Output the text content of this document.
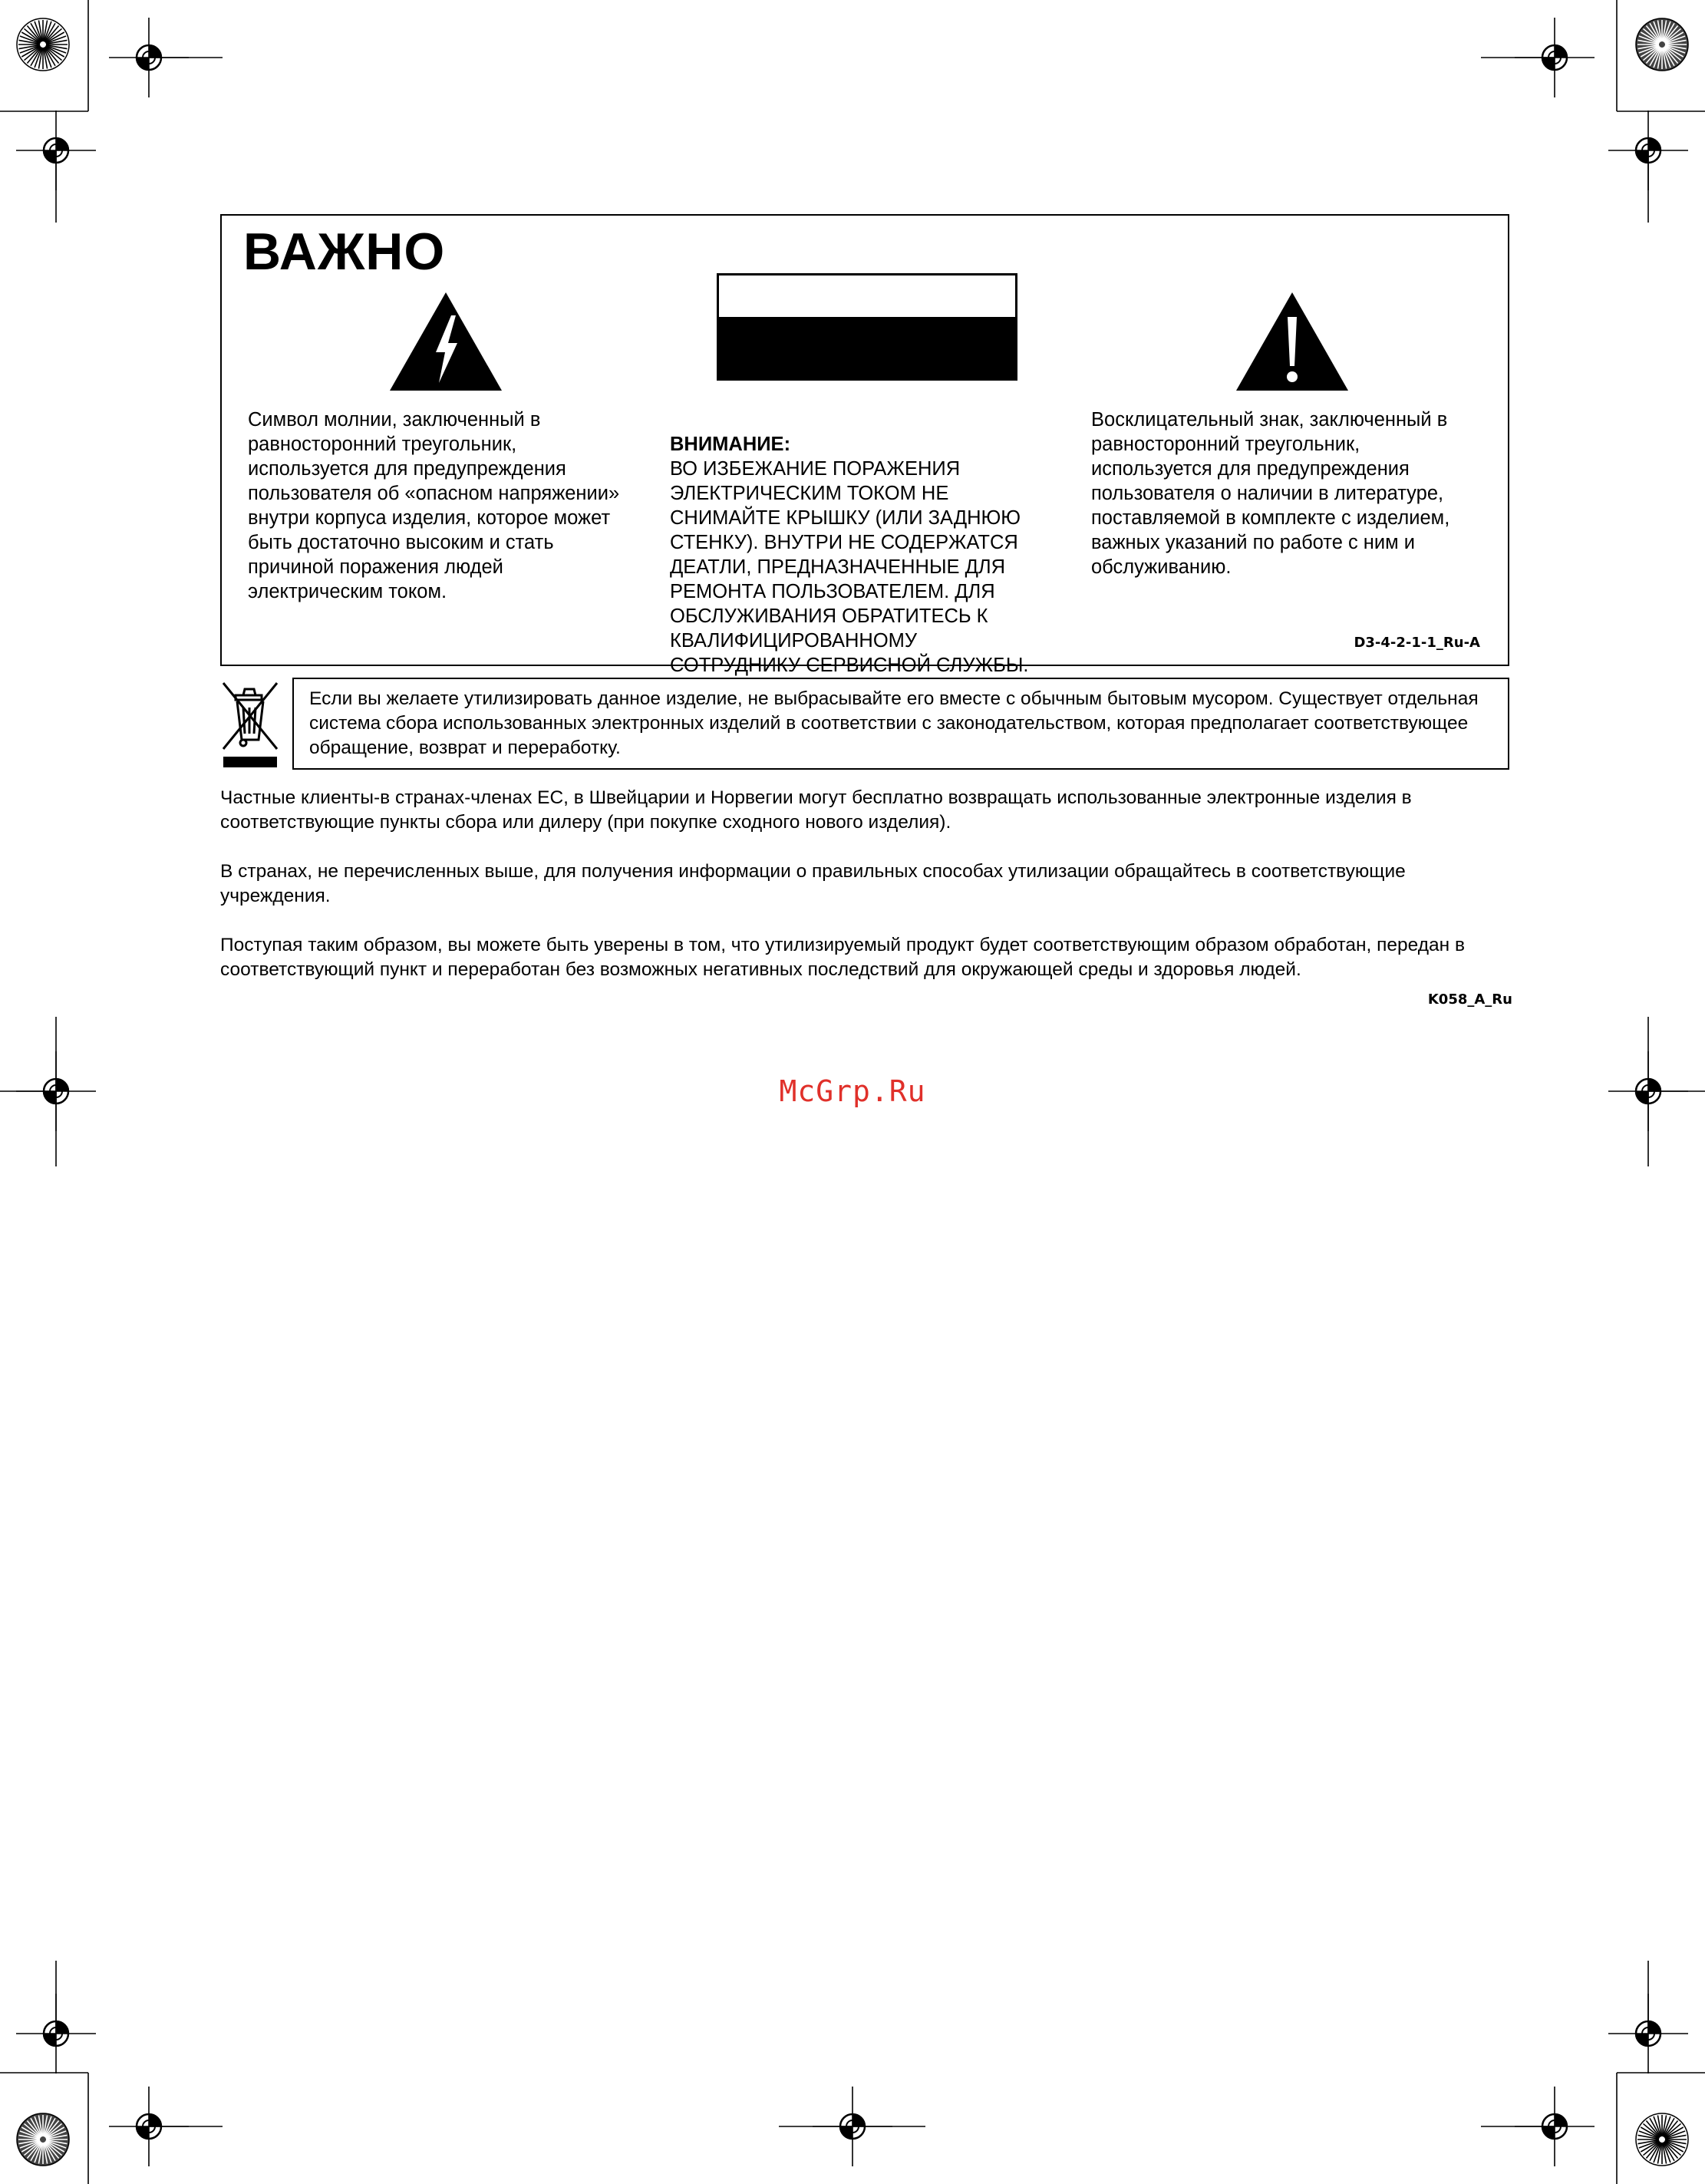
ВАЖНО
Символ молнии, заключенный в
равносторонний треугольник,
используется для предупреждения
пользователя об «опасном напряжении»
внутри корпуса изделия, которое может
быть достаточно высоким и стать
причиной поражения людей
электрическим током.

ВНИМАНИЕ:
ВО ИЗБЕЖАНИЕ ПОРАЖЕНИЯ
ЭЛЕКТРИЧЕСКИМ ТОКОМ НЕ
СНИМАЙТЕ КРЫШКУ (ИЛИ ЗАДНЮЮ
СТЕНКУ). ВНУТРИ НЕ СОДЕРЖАТСЯ
ДЕАТЛИ, ПРЕДНАЗНАЧЕННЫЕ ДЛЯ
РЕМОНТА ПОЛЬЗОВАТЕЛЕМ. ДЛЯ
ОБСЛУЖИВАНИЯ ОБРАТИТЕСЬ К
КВАЛИФИЦИРОВАННОМУ
СОТРУДНИКУ СЕРВИСНОЙ СЛУЖБЫ.

Восклицательный знак, заключенный в
равносторонний треугольник,
используется для предупреждения
пользователя о наличии в литературе,
поставляемой в комплекте с изделием,
важных указаний по работе с ним и
обслуживанию.
D3-4-2-1-1_Ru-A
Если вы желаете утилизировать данное изделие, не выбрасывайте его вместе с обычным бытовым мусором. Существует отдельная система сбора использованных электронных изделий в соответствии с законодательством, которая предполагает соответствующее обращение, возврат и переработку.
Частные клиенты-в странах-членах ЕС, в Швейцарии и Норвегии могут бесплатно возвращать использованные электронные изделия в соответствующие пункты сбора или дилеру (при покупке сходного нового изделия).
В странах, не перечисленных выше, для получения информации о правильных способах утилизации обращайтесь в соответствующие учреждения.
Поступая таким образом, вы можете быть уверены в том, что утилизируемый продукт будет соответствующим образом обработан, передан в соответствующий пункт и переработан без возможных негативных последствий для окружающей среды и здоровья людей.
K058_A_Ru
McGrp.Ru
